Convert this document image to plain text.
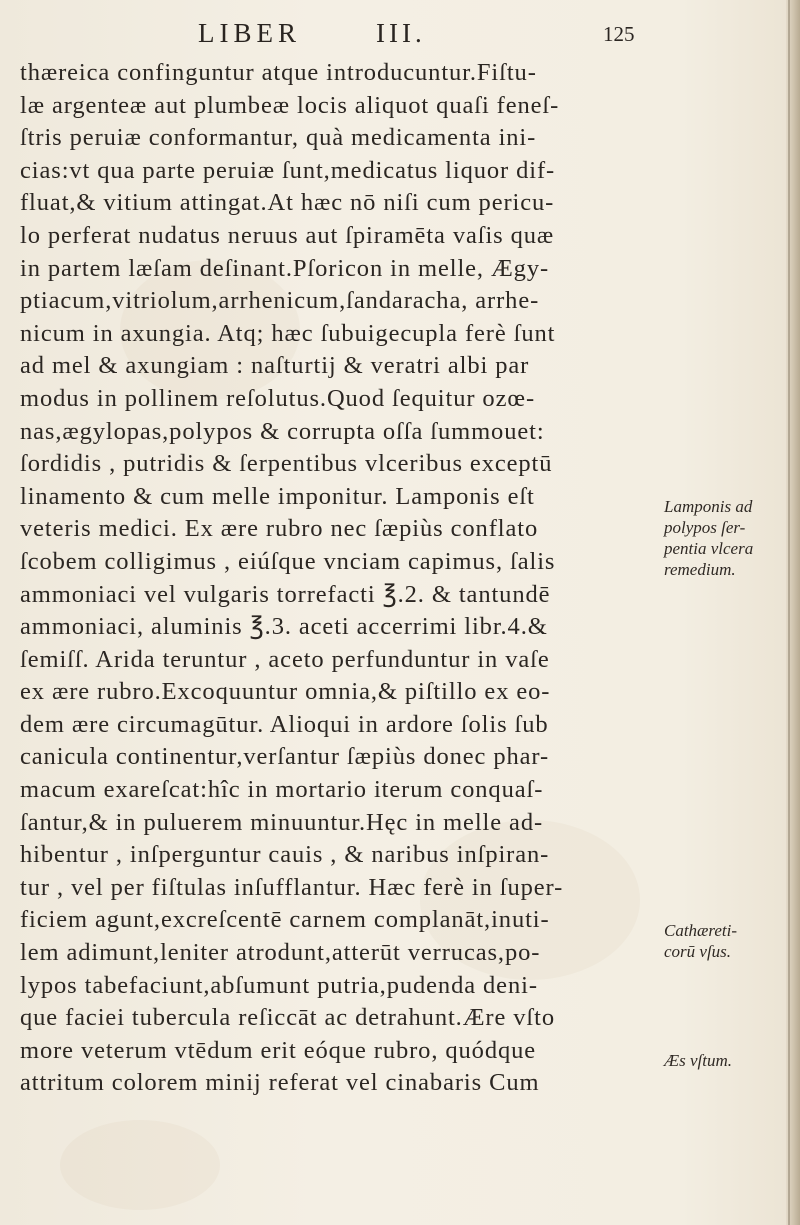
LIBER	III.	125
thæreica confinguntur atque introducuntur.Fiſtu-
læ argenteæ aut plumbeæ locis aliquot quaſi feneſ-
ſtris peruiæ conformantur, quà medicamenta ini-
cias:vt qua parte peruiæ ſunt,medicatus liquor dif-
fluat,& vitium attingat.At hæc nō niſi cum pericu-
lo perferat nudatus neruus aut ſpiramēta vaſis quæ
in partem læſam deſinant.Pſoricon in melle, Ægy-
ptiacum,vitriolum,arrhenicum,ſandaracha, arrhe-
nicum in axungia. Atq; hæc ſubuigecupla ferè ſunt
ad mel & axungiam : naſturtij & veratri albi par
modus in pollinem reſolutus.Quod ſequitur ozœ-
nas,ægylopas,polypos & corrupta oſſa ſummouet:
ſordidis , putridis & ſerpentibus vlceribus exceptū
linamento & cum melle imponitur. Lamponis eſt
veteris medici. Ex ære rubro nec ſæpiùs conflato
ſcobem colligimus , eiúſque vnciam capimus, ſalis
ammoniaci vel vulgaris torrefacti ℥.2. & tantundē
ammoniaci, aluminis ℥.3. aceti accerrimi libr.4.&
ſemiſſ. Arida teruntur , aceto perfunduntur in vaſe
ex ære rubro.Excoquuntur omnia,& piſtillo ex eo-
dem ære circumagūtur. Alioqui in ardore ſolis ſub
canicula continentur,verſantur ſæpiùs donec phar-
macum exareſcat:hîc in mortario iterum conquaſ-
ſantur,& in puluerem minuuntur.Hęc in melle ad-
hibentur , inſperguntur cauis , & naribus inſpiran-
tur , vel per fiſtulas inſufflantur. Hæc ferè in ſuper-
ficiem agunt,excreſcentē carnem complanāt,inuti-
lem adimunt,leniter atrodunt,atterūt verrucas,po-
lypos tabefaciunt,abſumunt putria,pudenda deni-
que faciei tubercula reſiccāt ac detrahunt.Ære vſto
more veterum vtēdum erit eóque rubro, quódque
attritum colorem minij referat vel cinabaris Cum
Lamponis ad
polypos ſer-
pentia vlcera
remedium.
Cathæreti-
corū vſus.
Æs vſtum.
